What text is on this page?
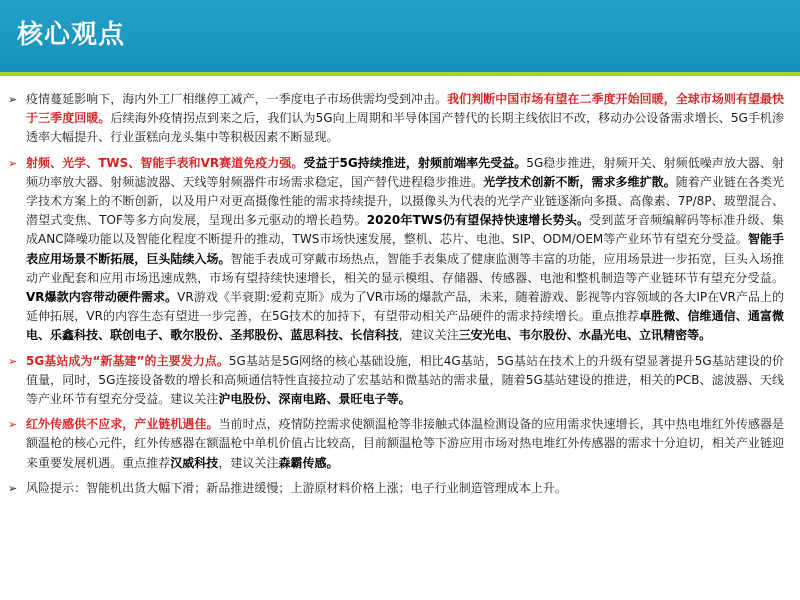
核心观点
➢ 疫情蔓延影响下，海内外工厂相继停工减产，一季度电子市场供需均受到冲击。我们判断中国市场有望在二季度开始回暖，全球市场则有望最快于三季度回暖。后续海外疫情拐点到来之后，我们认为5G向上周期和半导体国产替代的长期主线依旧不改，移动办公设备需求增长、5G手机渗透率大幅提升、行业蛋糕向龙头集中等积极因素不断显现。
➢ 射频、光学、TWS、智能手表和VR赛道免疫力强。受益于5G持续推进，射频前端率先受益。5G稳步推进，射频开关、射频低噪声放大器、射频功率放大器、射频滤波器、天线等射频器件市场需求稳定，国产替代进程稳步推进。光学技术创新不断，需求多维扩散。随着产业链在各类光学技术方案上的不断创新，以及用户对更高摄像性能的需求持续提升，以摄像头为代表的光学产业链逐渐向多摄、高像素、7P/8P、玻塑混合、潜望式变焦、TOF等多方向发展，呈现出多元驱动的增长趋势。2020年TWS仍有望保持快速增长势头。受到蓝牙音频编解码等标准升级、集成ANC降噪功能以及智能化程度不断提升的推动，TWS市场快速发展，整机、芯片、电池、SIP、ODM/OEM等产业环节有望充分受益。智能手表应用场景不断拓展，巨头陆续入场。智能手表成可穿戴市场热点，智能手表集成了健康监测等丰富的功能，应用场景进一步拓宽，巨头入场推动产业配套和应用市场迅速成熟，市场有望持续快速增长，相关的显示模组、存储器、传感器、电池和整机制造等产业链环节有望充分受益。VR爆款内容带动硬件需求。VR游戏《半衰期:爱莉克斯》成为了VR市场的爆款产品，未来，随着游戏、影视等内容领域的各大IP在VR产品上的延伸拓展，VR的内容生态有望进一步完善，在5G技术的加持下，有望带动相关产品硬件的需求持续增长。重点推荐卓胜微、信维通信、通富微电、乐鑫科技、联创电子、歌尔股份、圣邦股份、蓝思科技、长信科技，建议关注三安光电、韦尔股份、水晶光电、立讯精密等。
➢ 5G基站成为“新基建”的主要发力点。5G基站是5G网络的核心基础设施，相比4G基站，5G基站在技术上的升级有望显著提升5G基站建设的价值量，同时，5G连接设备数的增长和高频通信特性直接拉动了宏基站和微基站的需求量，随着5G基站建设的推进，相关的PCB、滤波器、天线等产业环节有望充分受益。建议关注沪电股份、深南电路、景旺电子等。
➢ 红外传感供不应求，产业链机遇佳。当前时点，疫情防控需求使额温枪等非接触式体温检测设备的应用需求快速增长，其中热电堆红外传感器是额温枪的核心元件，红外传感器在额温枪中单机价值占比较高，目前额温枪等下游应用市场对热电堆红外传感器的需求十分迫切，相关产业链迎来重要发展机遇。重点推荐汉威科技，建议关注森霸传感。
➢ 风险提示：智能机出货大幅下滑；新品推进缓慢；上游原材料价格上涨；电子行业制造管理成本上升。
